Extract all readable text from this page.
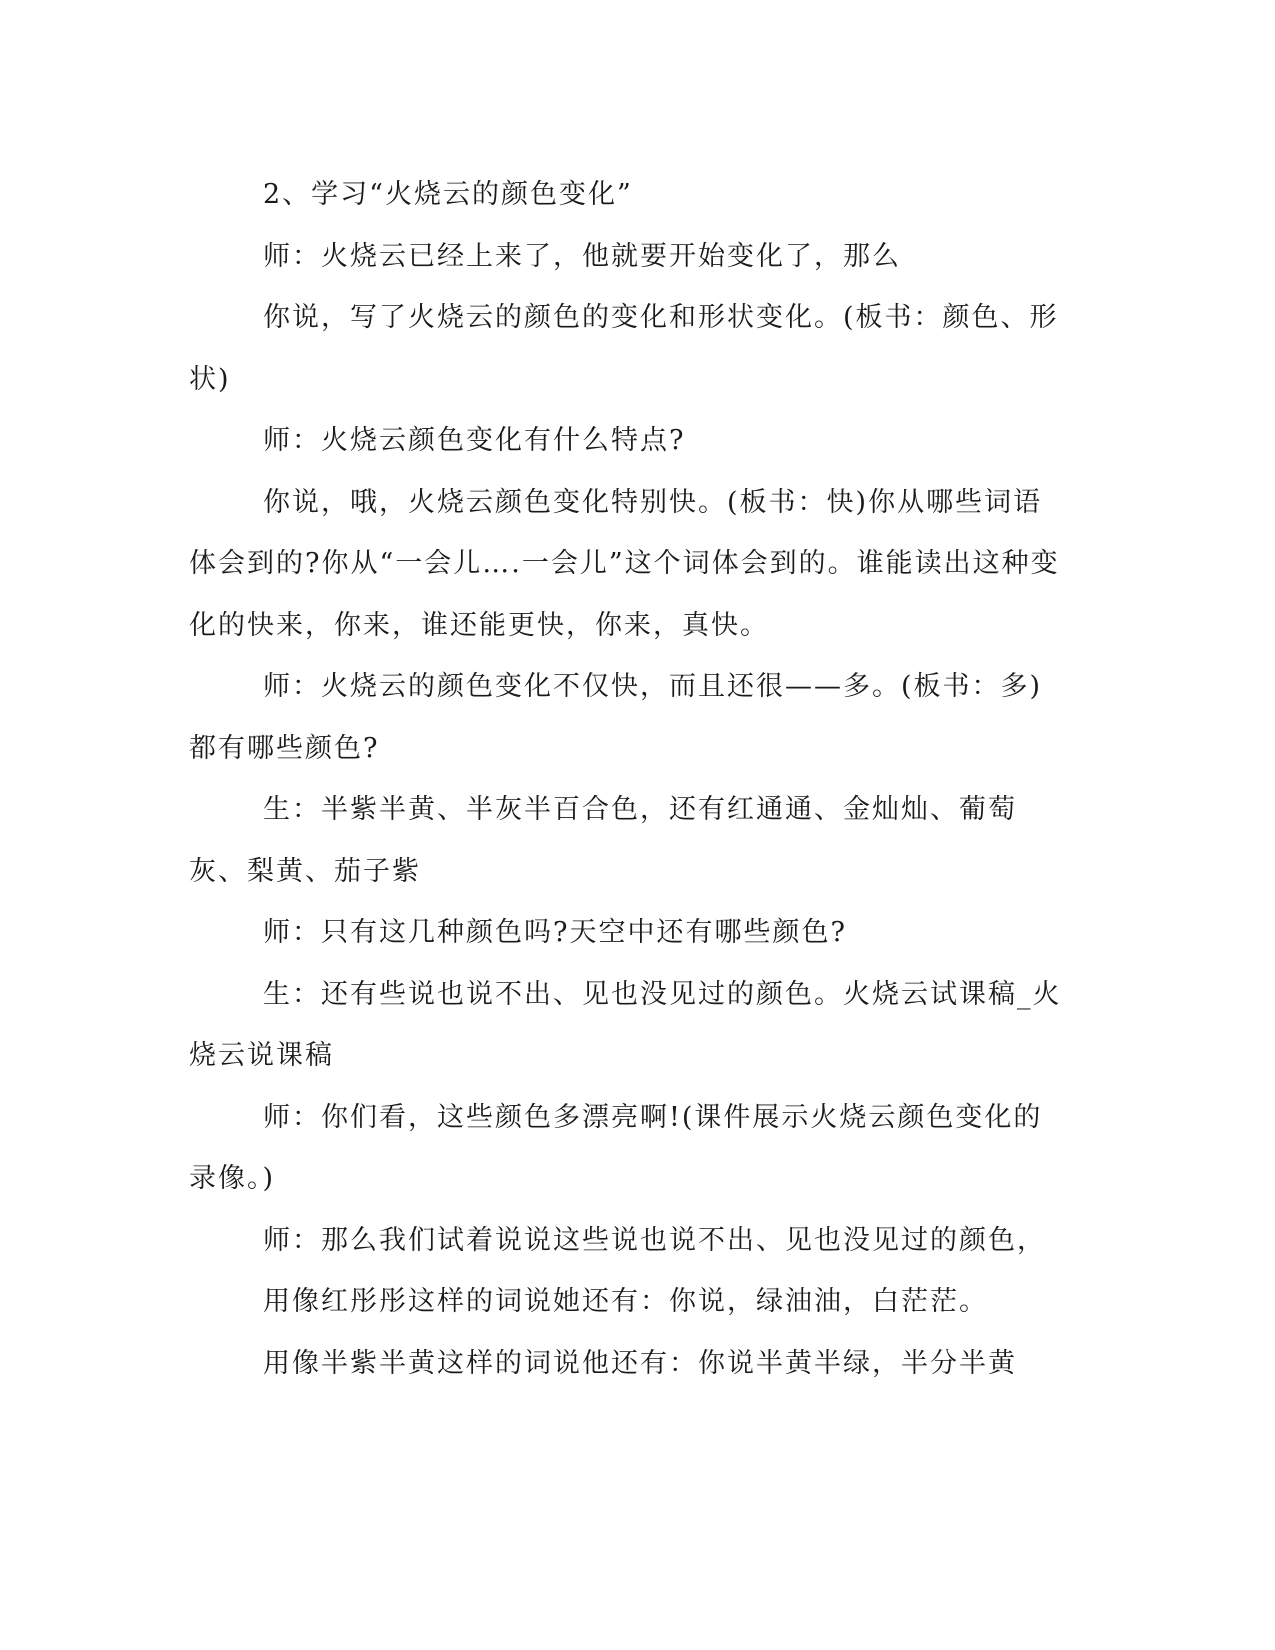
2、学习“火烧云的颜色变化”

师：火烧云已经上来了，他就要开始变化了，那么

你说，写了火烧云的颜色的变化和形状变化。(板书：颜色、形状)

师：火烧云颜色变化有什么特点?

你说，哦，火烧云颜色变化特别快。(板书：快)你从哪些词语体会到的?你从“一会儿….一会儿”这个词体会到的。谁能读出这种变化的快来，你来，谁还能更快，你来，真快。

师：火烧云的颜色变化不仅快，而且还很——多。(板书：多)都有哪些颜色?

生：半紫半黄、半灰半百合色，还有红通通、金灿灿、葡萄灰、梨黄、茄子紫

师：只有这几种颜色吗?天空中还有哪些颜色?

生：还有些说也说不出、见也没见过的颜色。火烧云试课稿_火烧云说课稿

师：你们看，这些颜色多漂亮啊!(课件展示火烧云颜色变化的录像。)

师：那么我们试着说说这些说也说不出、见也没见过的颜色，

用像红彤彤这样的词说她还有：你说，绿油油，白茫茫。

用像半紫半黄这样的词说他还有：你说半黄半绿，半分半黄
